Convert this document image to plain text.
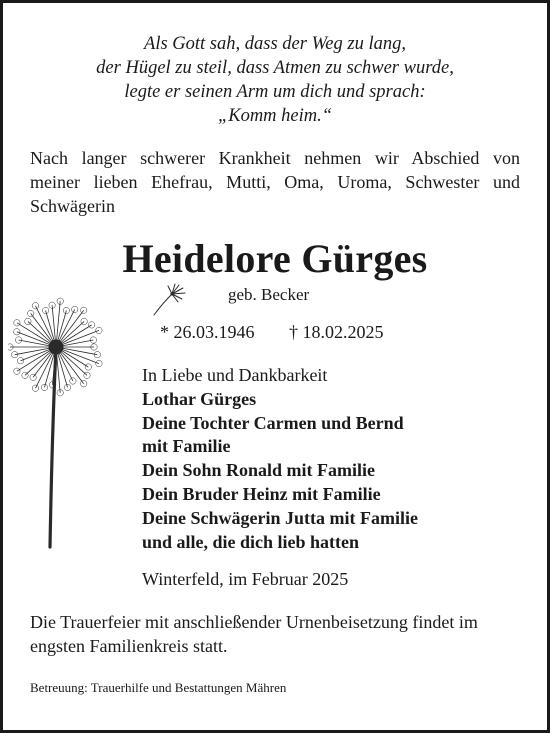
Als Gott sah, dass der Weg zu lang,
der Hügel zu steil, dass Atmen zu schwer wurde,
legte er seinen Arm um dich und sprach:
„Komm heim.“
Nach langer schwerer Krankheit nehmen wir Abschied von
meiner lieben Ehefrau, Mutti, Oma, Uroma, Schwester und
Schwägerin
Heidelore Gürges
geb. Becker
* 26.03.1946 † 18.02.2025
In Liebe und Dankbarkeit
Lothar Gürges
Deine Tochter Carmen und Bernd
mit Familie
Dein Sohn Ronald mit Familie
Dein Bruder Heinz mit Familie
Deine Schwägerin Jutta mit Familie
und alle, die dich lieb hatten
Winterfeld, im Februar 2025
Die Trauerfeier mit anschließender Urnenbeisetzung findet im
engsten Familienkreis statt.
Betreuung: Trauerhilfe und Bestattungen Mähren
